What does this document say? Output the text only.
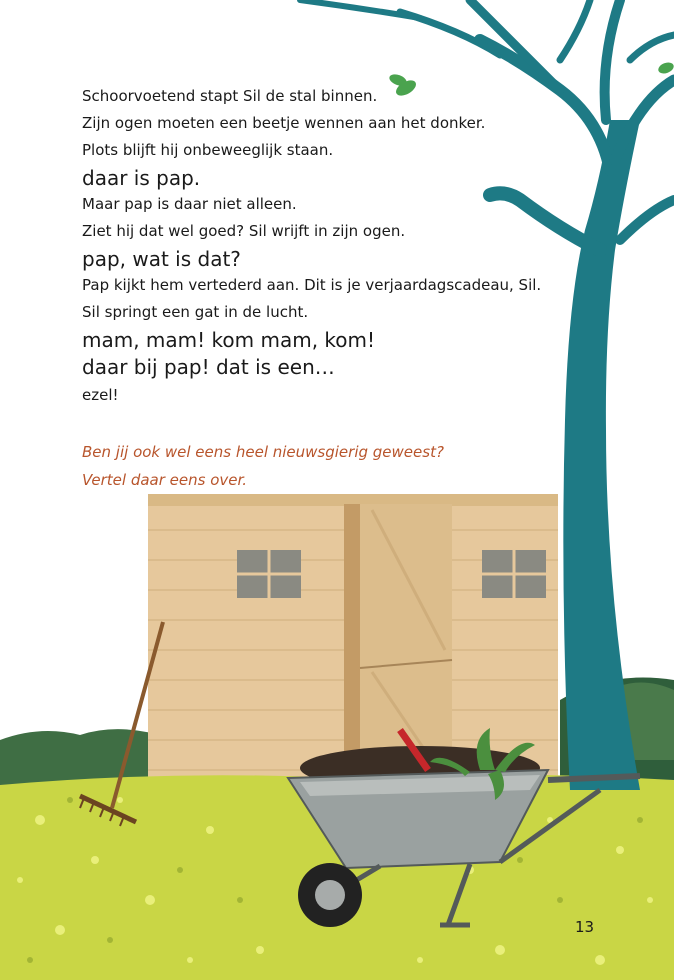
Schoorvoetend stapt Sil de stal binnen.

Zijn ogen moeten een beetje wennen aan het donker.

Plots blijft hij onbeweeglijk staan.

daar is pap.

Maar pap is daar niet alleen.

Ziet hij dat wel goed? Sil wrijft in zijn ogen.

pap, wat is dat?

Pap kijkt hem vertederd aan. Dit is je verjaardagscadeau, Sil.

Sil springt een gat in de lucht.

mam, mam! kom mam, kom!

daar bij pap! dat is een…

ezel!

Ben jij ook wel eens heel nieuwsgierig geweest?

Vertel daar eens over.

13
